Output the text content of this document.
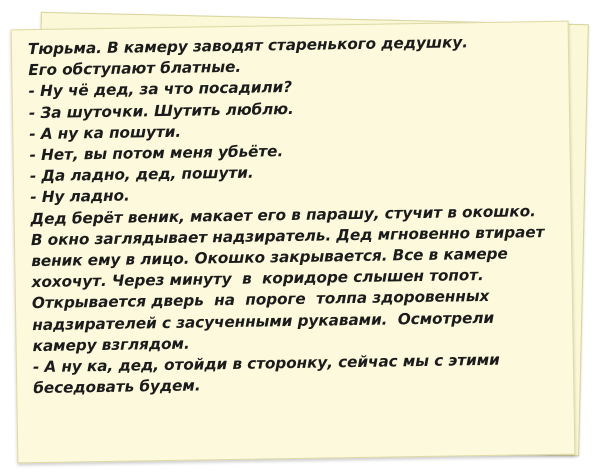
Тюрьма. В камеру заводят старенького дедушку.
Его обступают блатные.
- Ну чё дед, за что посадили?
- За шуточки. Шутить люблю.
- А ну ка пошути.
- Нет, вы потом меня убьёте.
- Да ладно, дед, пошути.
- Ну ладно.
Дед берёт веник, макает его в парашу, стучит в окошко.
В окно заглядывает надзиратель. Дед мгновенно втирает
веник ему в лицо. Окошко закрывается. Все в камере
хохочут. Через минуту  в  коридоре слышен топот.
Открывается дверь  на  пороге  толпа здоровенных
надзирателей с засученными рукавами.  Осмотрели
камеру взглядом.
- А ну ка, дед, отойди в сторонку, сейчас мы с этими
беседовать будем.
